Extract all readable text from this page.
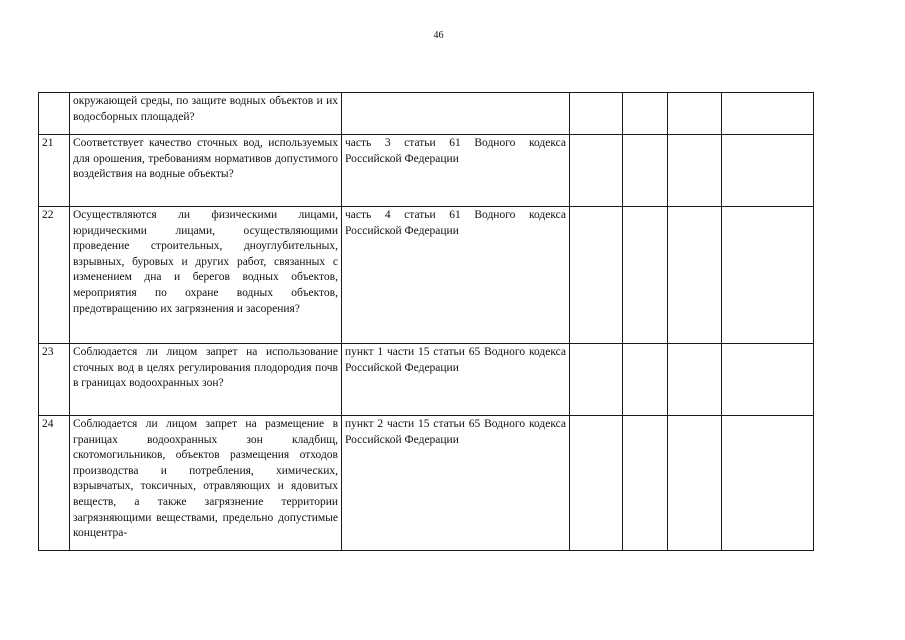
46
	окружающей среды, по защите водных объектов и их водосборных площадей?					
21	Соответствует качество сточных вод, используемых для орошения, требованиям нормативов допустимого воздействия на водные объекты?	часть 3 статьи 61 Водного кодекса Российской Федерации				
22	Осуществляются ли физическими лицами, юридическими лицами, осуществляющими проведение строительных, дноуглубительных, взрывных, буровых и других работ, связанных с изменением дна и берегов водных объектов, мероприятия по охране водных объектов, предотвращению их загрязнения и засорения?	часть 4 статьи 61 Водного кодекса Российской Федерации				
23	Соблюдается ли лицом запрет на использование сточных вод в целях регулирования плодородия почв в границах водоохранных зон?	пункт 1 части 15 статьи 65 Водного кодекса Российской Федерации				
24	Соблюдается ли лицом запрет на размещение в границах водоохранных зон кладбищ, скотомогильников, объектов размещения отходов производства и потребления, химических, взрывчатых, токсичных, отравляющих и ядовитых веществ, а также загрязнение территории загрязняющими веществами, предельно допустимые концентра-	пункт 2 части 15 статьи 65 Водного кодекса Российской Федерации				
